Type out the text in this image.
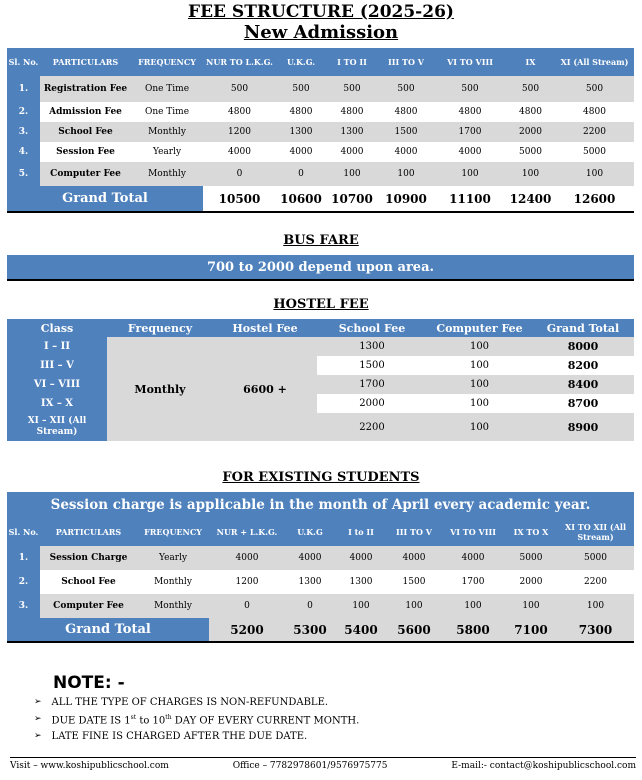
FEE STRUCTURE (2025-26)
New Admission
Sl. No.	PARTICULARS	FREQUENCY	NUR TO L.K.G.	U.K.G.	I TO II	III TO V	VI TO VIII	IX	XI (All Stream)
1.	Registration Fee	One Time	500	500	500	500	500	500	500
2.	Admission Fee	One Time	4800	4800	4800	4800	4800	4800	4800
3.	School Fee	Monthly	1200	1300	1300	1500	1700	2000	2200
4.	Session Fee	Yearly	4000	4000	4000	4000	4000	5000	5000
5.	Computer Fee	Monthly	0	0	100	100	100	100	100
Grand Total			10500	10600	10700	10900	11100	12400	12600
BUS FARE
700 to 2000 depend upon area.
HOSTEL FEE
Class	Frequency	Hostel Fee	School Fee	Computer Fee	Grand Total
I – II	Monthly	6600 +	1300	100	8000
III – V			1500	100	8200
VI – VIII			1700	100	8400
IX – X			2000	100	8700
XI – XII (All Stream)			2200	100	8900
FOR EXISTING STUDENTS
Session charge is applicable in the month of April every academic year.
Sl. No.	PARTICULARS	FREQUENCY	NUR + L.K.G.	U.K.G	I to II	III TO V	VI TO VIII	IX TO X	XI TO XII (All Stream)
1.	Session Charge	Yearly	4000	4000	4000	4000	4000	5000	5000
2.	School Fee	Monthly	1200	1300	1300	1500	1700	2000	2200
3.	Computer Fee	Monthly	0	0	100	100	100	100	100
Grand Total			5200	5300	5400	5600	5800	7100	7300
NOTE: -
➢ ALL THE TYPE OF CHARGES IS NON-REFUNDABLE.
➢ DUE DATE IS 1st to 10th DAY OF EVERY CURRENT MONTH.
➢ LATE FINE IS CHARGED AFTER THE DUE DATE.
Visit – www.koshipublicschool.com	Office – 7782978601/9576975775	E-mail:- contact@koshipublicschool.com
